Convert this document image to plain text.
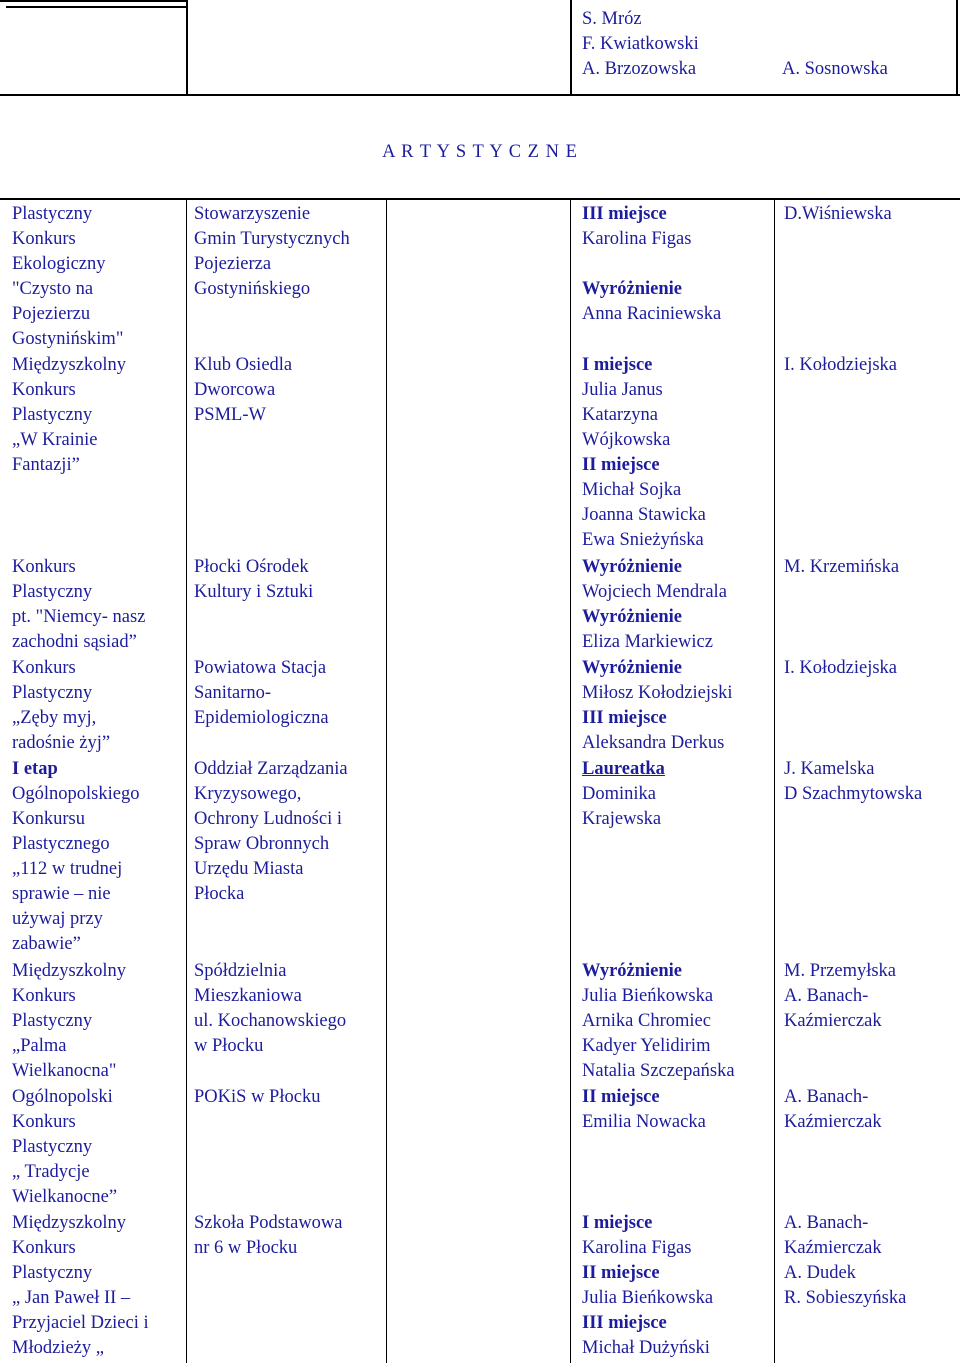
S. Mróz
F. Kwiatkowski
A. Brzozowska	A. Sosnowska
A R T Y S T Y C Z N E
Plastyczny
Konkurs
Ekologiczny
"Czysto na
Pojezierzu
Gostynińskim"
Stowarzyszenie
Gmin Turystycznych
Pojezierza
Gostynińskiego
III miejsce
Karolina Figas
Wyróżnienie
Anna Raciniewska
D.Wiśniewska
Międzyszkolny
Konkurs
Plastyczny
„W Krainie
Fantazji”
Klub Osiedla
Dworcowa
PSML-W
I miejsce
Julia Janus
Katarzyna
Wójkowska
II miejsce
Michał Sojka
Joanna Stawicka
Ewa Snieżyńska
I. Kołodziejska
Konkurs
Plastyczny
pt. "Niemcy- nasz
zachodni sąsiad”
Płocki Ośrodek
Kultury i Sztuki
Wyróżnienie
Wojciech Mendrala
Wyróżnienie
Eliza Markiewicz
M. Krzemińska
Konkurs
Plastyczny
„Zęby myj,
radośnie żyj”
Powiatowa Stacja
Sanitarno-
Epidemiologiczna
Wyróżnienie
Miłosz Kołodziejski
III miejsce
Aleksandra Derkus
I. Kołodziejska
I etap
Ogólnopolskiego
Konkursu
Plastycznego
„112 w trudnej
sprawie – nie
używaj przy
zabawie”
Oddział Zarządzania
Kryzysowego,
Ochrony Ludności i
Spraw Obronnych
Urzędu Miasta
Płocka
Laureatka
Dominika
Krajewska
J. Kamelska
D Szachmytowska
Międzyszkolny
Konkurs
Plastyczny
„Palma
Wielkanocna"
Spółdzielnia
Mieszkaniowa
ul. Kochanowskiego
w Płocku
Wyróżnienie
Julia Bieńkowska
Arnika Chromiec
Kadyer Yelidirim
Natalia Szczepańska
M. Przemyłska
A. Banach-
Kaźmierczak
Ogólnopolski
Konkurs
Plastyczny
„ Tradycje
Wielkanocne”
POKiS w Płocku	II miejsce
Emilia Nowacka
A. Banach-
Kaźmierczak
Międzyszkolny
Konkurs
Plastyczny
„ Jan Paweł II –
Przyjaciel Dzieci i
Młodzieży „
Szkoła Podstawowa
nr 6 w Płocku
I miejsce
Karolina Figas
II miejsce
Julia Bieńkowska
III miejsce
Michał Dużyński
A. Banach-
Kaźmierczak
A. Dudek
R. Sobieszyńska
